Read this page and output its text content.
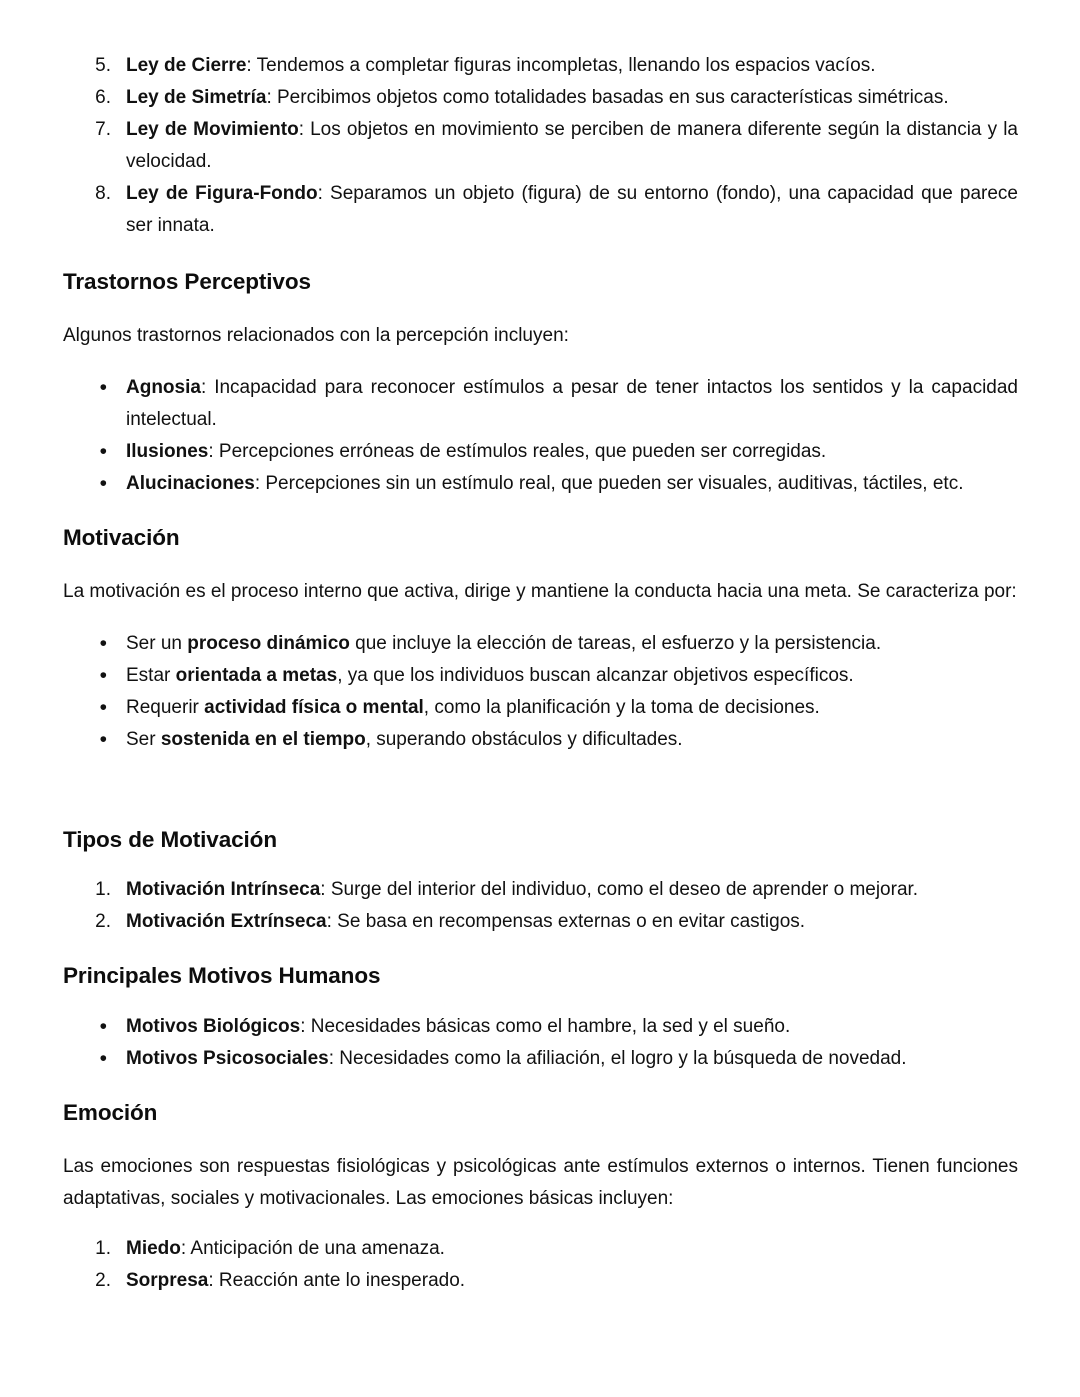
5. Ley de Cierre: Tendemos a completar figuras incompletas, llenando los espacios vacíos.
6. Ley de Simetría: Percibimos objetos como totalidades basadas en sus características simétricas.
7. Ley de Movimiento: Los objetos en movimiento se perciben de manera diferente según la distancia y la velocidad.
8. Ley de Figura-Fondo: Separamos un objeto (figura) de su entorno (fondo), una capacidad que parece ser innata.
Trastornos Perceptivos

Algunos trastornos relacionados con la percepción incluyen:

• Agnosia: Incapacidad para reconocer estímulos a pesar de tener intactos los sentidos y la capacidad intelectual.
• Ilusiones: Percepciones erróneas de estímulos reales, que pueden ser corregidas.
• Alucinaciones: Percepciones sin un estímulo real, que pueden ser visuales, auditivas, táctiles, etc.
Motivación

La motivación es el proceso interno que activa, dirige y mantiene la conducta hacia una meta. Se caracteriza por:

• Ser un proceso dinámico que incluye la elección de tareas, el esfuerzo y la persistencia.
• Estar orientada a metas, ya que los individuos buscan alcanzar objetivos específicos.
• Requerir actividad física o mental, como la planificación y la toma de decisiones.
• Ser sostenida en el tiempo, superando obstáculos y dificultades.
Tipos de Motivación
1. Motivación Intrínseca: Surge del interior del individuo, como el deseo de aprender o mejorar.
2. Motivación Extrínseca: Se basa en recompensas externas o en evitar castigos.
Principales Motivos Humanos
• Motivos Biológicos: Necesidades básicas como el hambre, la sed y el sueño.
• Motivos Psicosociales: Necesidades como la afiliación, el logro y la búsqueda de novedad.
Emoción

Las emociones son respuestas fisiológicas y psicológicas ante estímulos externos o internos. Tienen funciones adaptativas, sociales y motivacionales. Las emociones básicas incluyen:

1. Miedo: Anticipación de una amenaza.
2. Sorpresa: Reacción ante lo inesperado.
